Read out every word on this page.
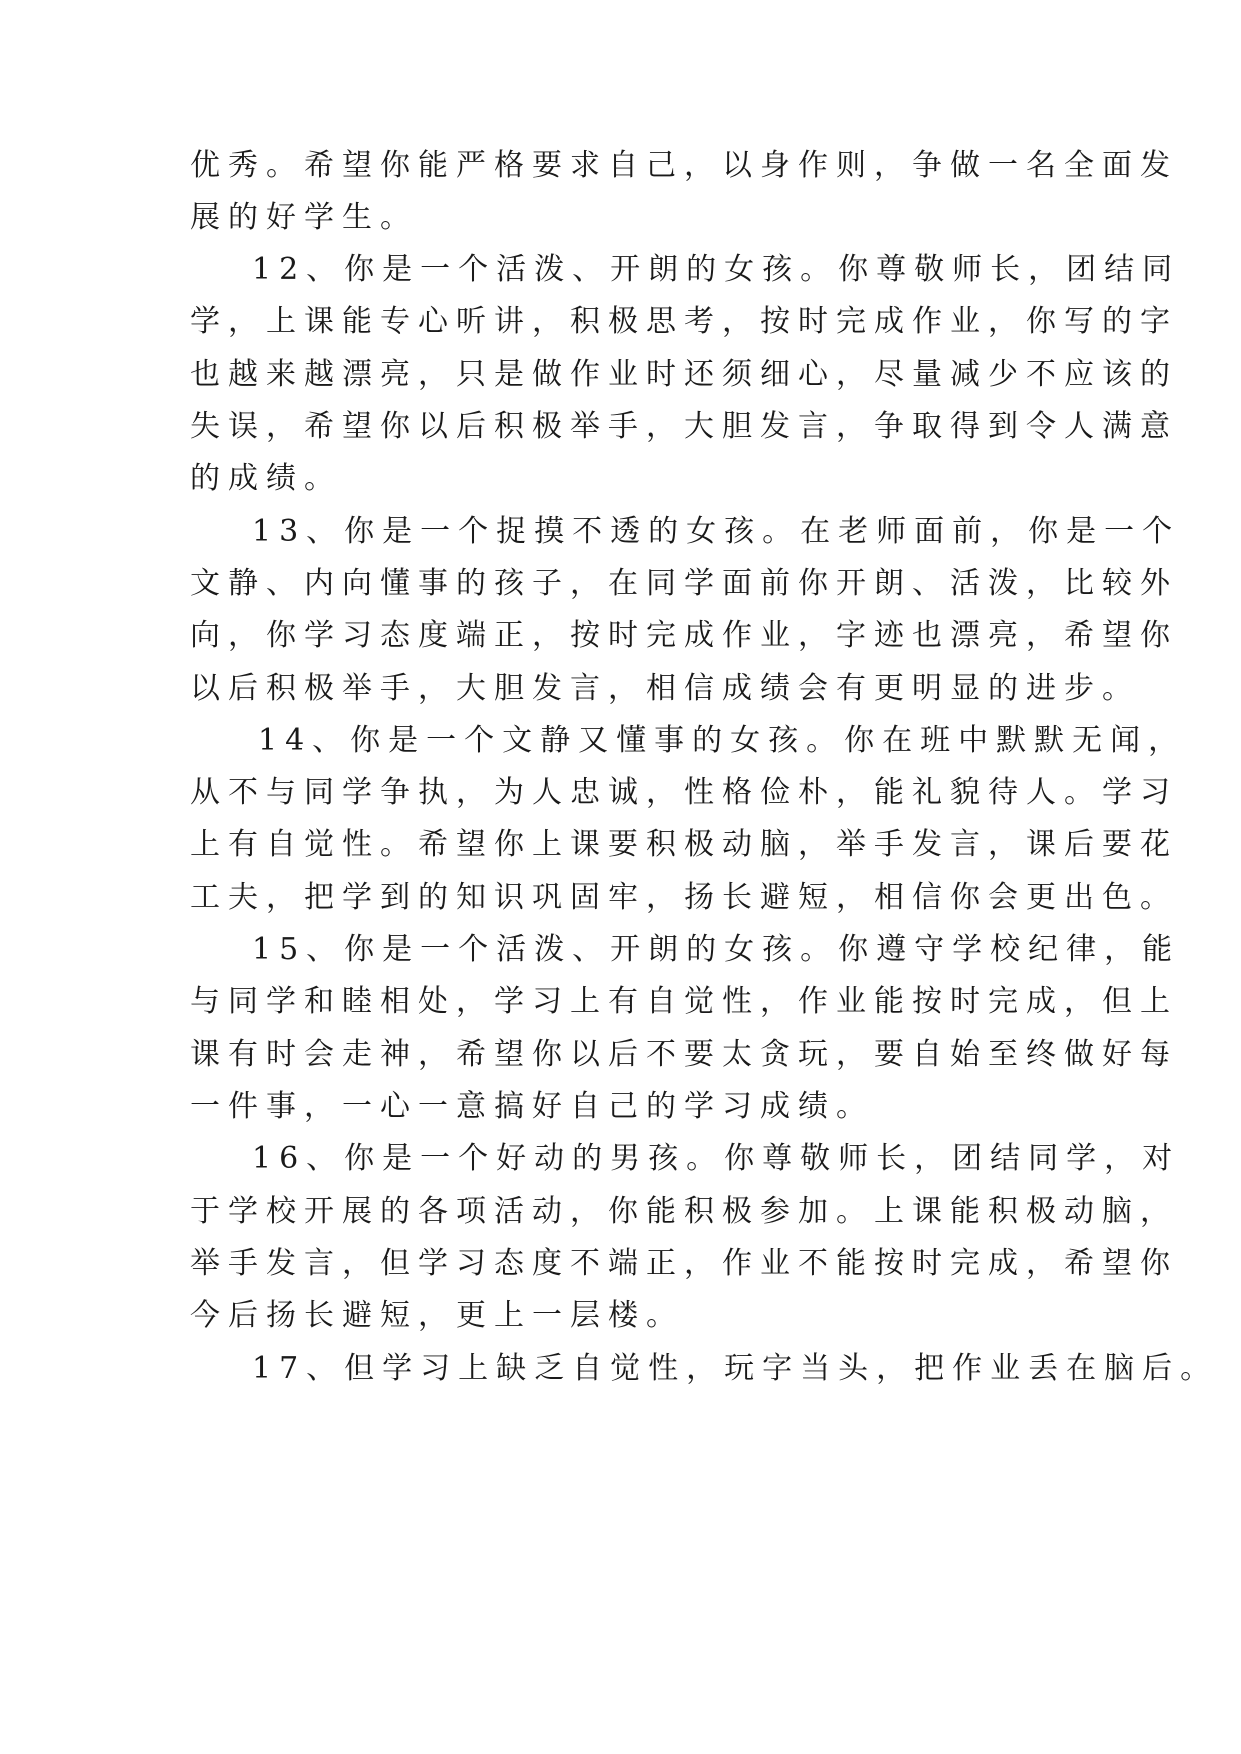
优秀。希望你能严格要求自己，以身作则，争做一名全面发
展的好学生。
12、你是一个活泼、开朗的女孩。你尊敬师长，团结同
学，上课能专心听讲，积极思考，按时完成作业，你写的字
也越来越漂亮，只是做作业时还须细心，尽量减少不应该的
失误，希望你以后积极举手，大胆发言，争取得到令人满意
的成绩。
13、你是一个捉摸不透的女孩。在老师面前，你是一个
文静、内向懂事的孩子，在同学面前你开朗、活泼，比较外
向，你学习态度端正，按时完成作业，字迹也漂亮，希望你
以后积极举手，大胆发言，相信成绩会有更明显的进步。
14、你是一个文静又懂事的女孩。你在班中默默无闻，
从不与同学争执，为人忠诚，性格俭朴，能礼貌待人。学习
上有自觉性。希望你上课要积极动脑，举手发言，课后要花
工夫，把学到的知识巩固牢，扬长避短，相信你会更出色。
15、你是一个活泼、开朗的女孩。你遵守学校纪律，能
与同学和睦相处，学习上有自觉性，作业能按时完成，但上
课有时会走神，希望你以后不要太贪玩，要自始至终做好每
一件事，一心一意搞好自己的学习成绩。
16、你是一个好动的男孩。你尊敬师长，团结同学，对
于学校开展的各项活动，你能积极参加。上课能积极动脑，
举手发言，但学习态度不端正，作业不能按时完成，希望你
今后扬长避短，更上一层楼。
17、但学习上缺乏自觉性，玩字当头，把作业丢在脑后。
